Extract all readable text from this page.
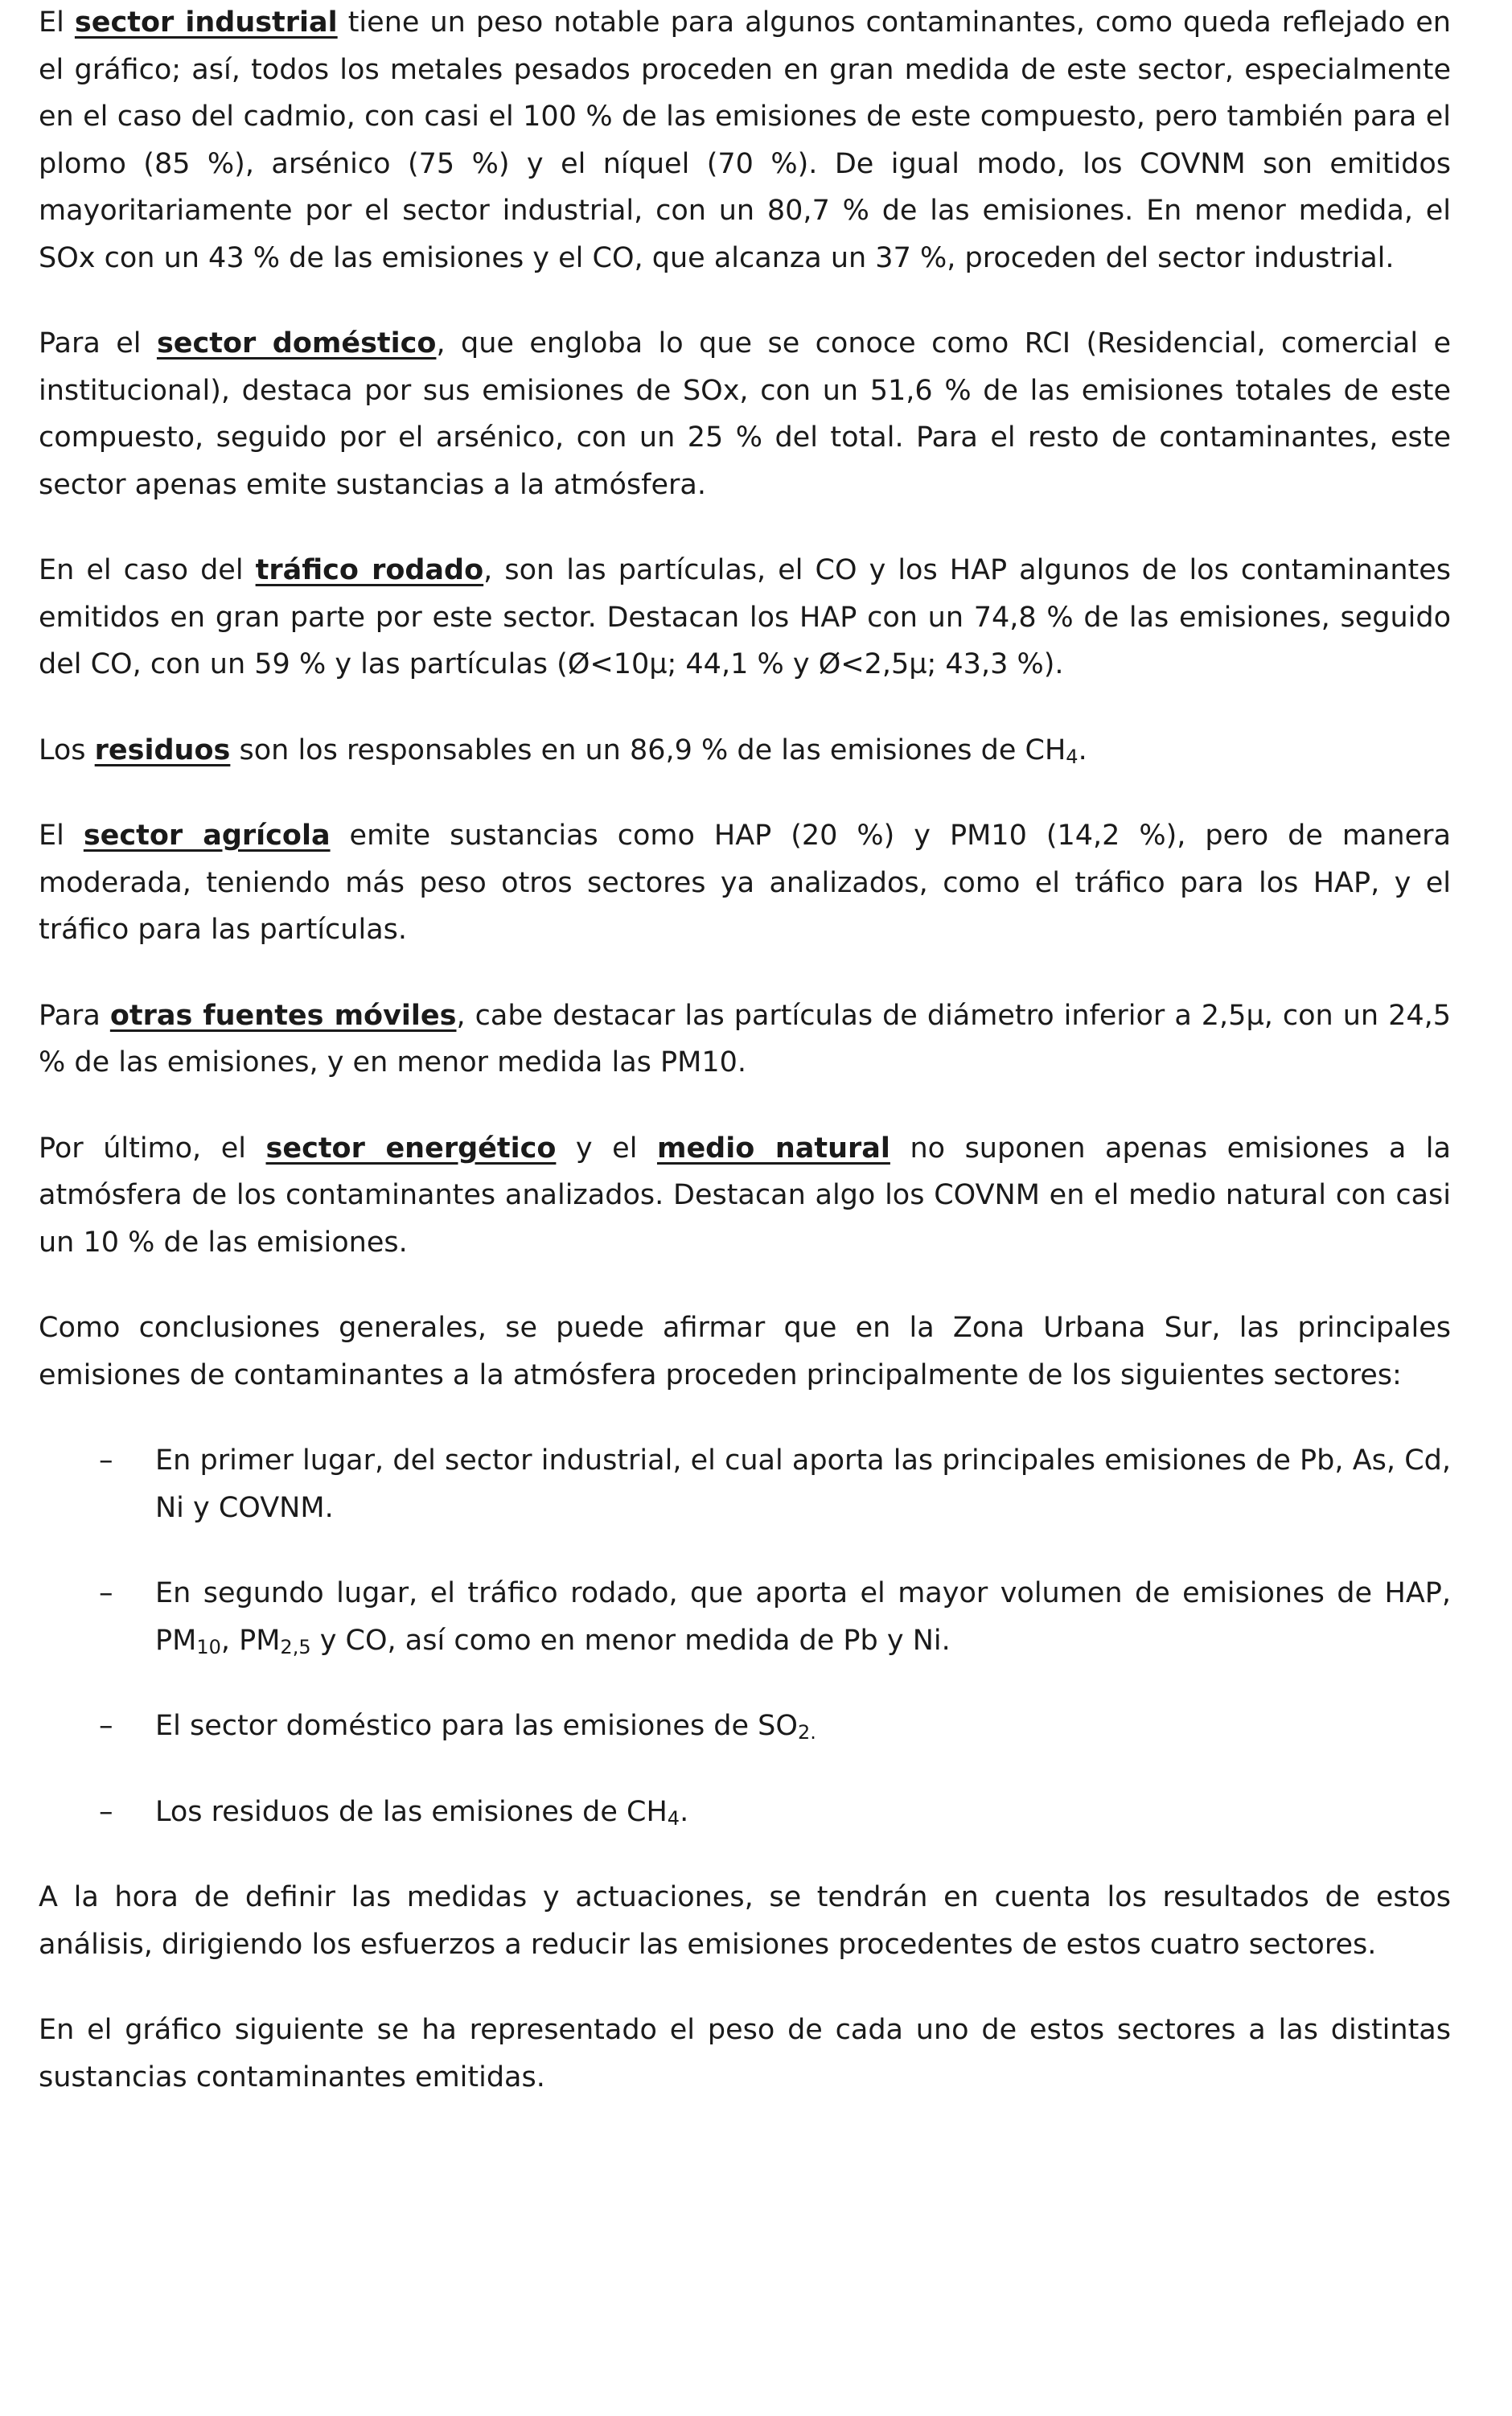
El sector industrial tiene un peso notable para algunos contaminantes, como queda reflejado en el gráfico; así, todos los metales pesados proceden en gran medida de este sector, especialmente en el caso del cadmio, con casi el 100 % de las emisiones de este compuesto, pero también para el plomo (85 %), arsénico (75 %) y el níquel (70 %). De igual modo, los COVNM son emitidos mayoritariamente por el sector industrial, con un 80,7 % de las emisiones. En menor medida, el SOx con un 43 % de las emisiones y el CO, que alcanza un 37 %, proceden del sector industrial.

Para el sector doméstico, que engloba lo que se conoce como RCI (Residencial, comercial e institucional), destaca por sus emisiones de SOx, con un 51,6 % de las emisiones totales de este compuesto, seguido por el arsénico, con un 25 % del total. Para el resto de contaminantes, este sector apenas emite sustancias a la atmósfera.

En el caso del tráfico rodado, son las partículas, el CO y los HAP algunos de los contaminantes emitidos en gran parte por este sector. Destacan los HAP con un 74,8 % de las emisiones, seguido del CO, con un 59 % y las partículas (Ø<10µ; 44,1 % y Ø<2,5µ; 43,3 %).

Los residuos son los responsables en un 86,9 % de las emisiones de $CH_4$.

El sector agrícola emite sustancias como HAP (20 %) y PM10 (14,2 %), pero de manera moderada, teniendo más peso otros sectores ya analizados, como el tráfico para los HAP, y el tráfico para las partículas.

Para otras fuentes móviles, cabe destacar las partículas de diámetro inferior a 2,5µ, con un 24,5 % de las emisiones, y en menor medida las PM10.

Por último, el sector energético y el medio natural no suponen apenas emisiones a la atmósfera de los contaminantes analizados. Destacan algo los COVNM en el medio natural con casi un 10 % de las emisiones.

Como conclusiones generales, se puede afirmar que en la Zona Urbana Sur, las principales emisiones de contaminantes a la atmósfera proceden principalmente de los siguientes sectores:

– En primer lugar, del sector industrial, el cual aporta las principales emisiones de Pb, As, Cd, Ni y COVNM.
– En segundo lugar, el tráfico rodado, que aporta el mayor volumen de emisiones de HAP, $PM_{10}$, $PM_{2,5}$ y CO, así como en menor medida de Pb y Ni.
– El sector doméstico para las emisiones de $SO_{2.}$
– Los residuos de las emisiones de $CH_4$.

A la hora de definir las medidas y actuaciones, se tendrán en cuenta los resultados de estos análisis, dirigiendo los esfuerzos a reducir las emisiones procedentes de estos cuatro sectores.

En el gráfico siguiente se ha representado el peso de cada uno de estos sectores a las distintas sustancias contaminantes emitidas.
